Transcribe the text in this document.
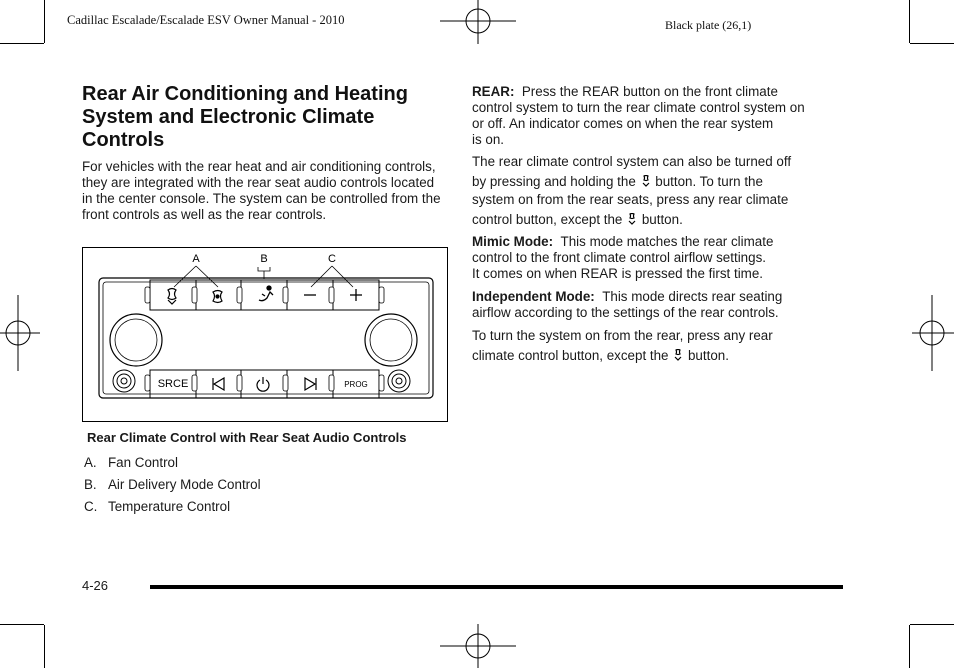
Cadillac Escalade/Escalade ESV Owner Manual - 2010	Black plate (26,1)
Rear Air Conditioning and Heating
System and Electronic Climate
Controls
For vehicles with the rear heat and air conditioning controls, they are integrated with the rear seat audio controls located in the center console. The system can be controlled from the front controls as well as the rear controls.
SRCE	PROG
A	B	C
Rear Climate Control with Rear Seat Audio Controls
A. Fan Control
B. Air Delivery Mode Control
C. Temperature Control
REAR: Press the REAR button on the front climate
control system to turn the rear climate control system on
or off. An indicator comes on when the rear system
is on.
The rear climate control system can also be turned off
by pressing and holding the button. To turn the
system on from the rear seats, press any rear climate
control button, except the button.
Mimic Mode: This mode matches the rear climate
control to the front climate control airflow settings.
It comes on when REAR is pressed the first time.
Independent Mode: This mode directs rear seating
airflow according to the settings of the rear controls.
To turn the system on from the rear, press any rear
climate control button, except the button.
4-26
